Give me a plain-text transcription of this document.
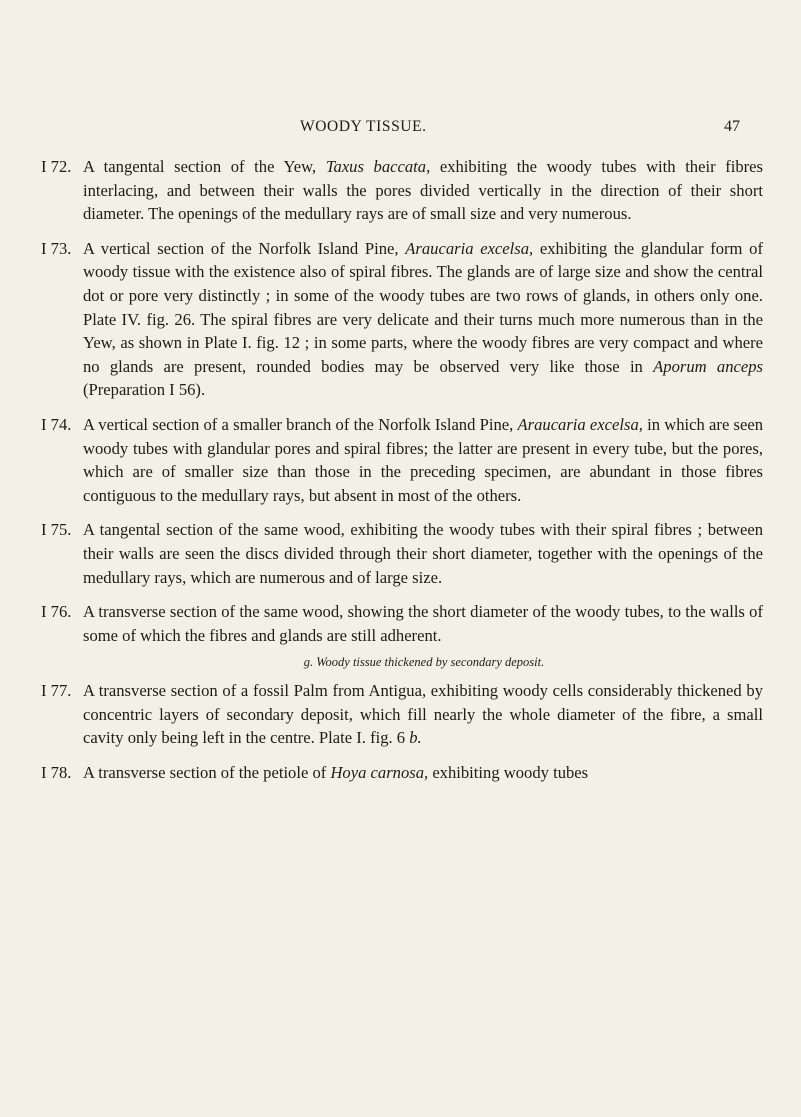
WOODY TISSUE.	47
I 72. A tangental section of the Yew, Taxus baccata, exhibiting the woody tubes with their fibres interlacing, and between their walls the pores divided vertically in the direction of their short diameter. The openings of the medullary rays are of small size and very numerous.
I 73. A vertical section of the Norfolk Island Pine, Araucaria excelsa, exhibiting the glandular form of woody tissue with the existence also of spiral fibres. The glands are of large size and show the central dot or pore very distinctly ; in some of the woody tubes are two rows of glands, in others only one. Plate IV. fig. 26. The spiral fibres are very delicate and their turns much more numerous than in the Yew, as shown in Plate I. fig. 12 ; in some parts, where the woody fibres are very compact and where no glands are present, rounded bodies may be observed very like those in Aporum anceps (Preparation I 56).
I 74. A vertical section of a smaller branch of the Norfolk Island Pine, Araucaria excelsa, in which are seen woody tubes with glandular pores and spiral fibres; the latter are present in every tube, but the pores, which are of smaller size than those in the preceding specimen, are abundant in those fibres contiguous to the medullary rays, but absent in most of the others.
I 75. A tangental section of the same wood, exhibiting the woody tubes with their spiral fibres ; between their walls are seen the discs divided through their short diameter, together with the openings of the medullary rays, which are numerous and of large size.
I 76. A transverse section of the same wood, showing the short diameter of the woody tubes, to the walls of some of which the fibres and glands are still adherent.
g. Woody tissue thickened by secondary deposit.
I 77. A transverse section of a fossil Palm from Antigua, exhibiting woody cells considerably thickened by concentric layers of secondary deposit, which fill nearly the whole diameter of the fibre, a small cavity only being left in the centre. Plate I. fig. 6 b.
I 78. A transverse section of the petiole of Hoya carnosa, exhibiting woody tubes
